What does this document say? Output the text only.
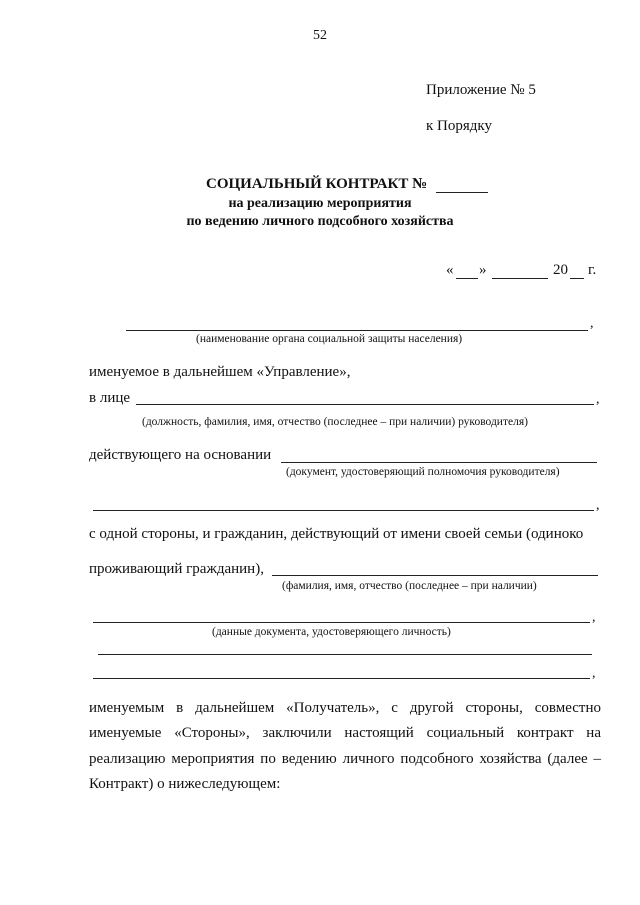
52
Приложение № 5
к Порядку
СОЦИАЛЬНЫЙ КОНТРАКТ №
на реализацию мероприятия
по ведению личного подсобного хозяйства
« »	20 г.
,
(наименование органа социальной защиты населения)
именуемое в дальнейшем «Управление»,
в лице	,
(должность, фамилия, имя, отчество (последнее – при наличии) руководителя)
действующего на основании
(документ, удостоверяющий полномочия руководителя)
,
с одной стороны, и гражданин, действующий от имени своей семьи (одиноко
проживающий гражданин),
(фамилия, имя, отчество (последнее – при наличии)
,
(данные документа, удостоверяющего личность)
,
именуемым в дальнейшем «Получатель», с другой стороны, совместно
именуемые «Стороны», заключили настоящий социальный контракт на
реализацию мероприятия по ведению личного подсобного хозяйства (далее –
Контракт) о нижеследующем:
